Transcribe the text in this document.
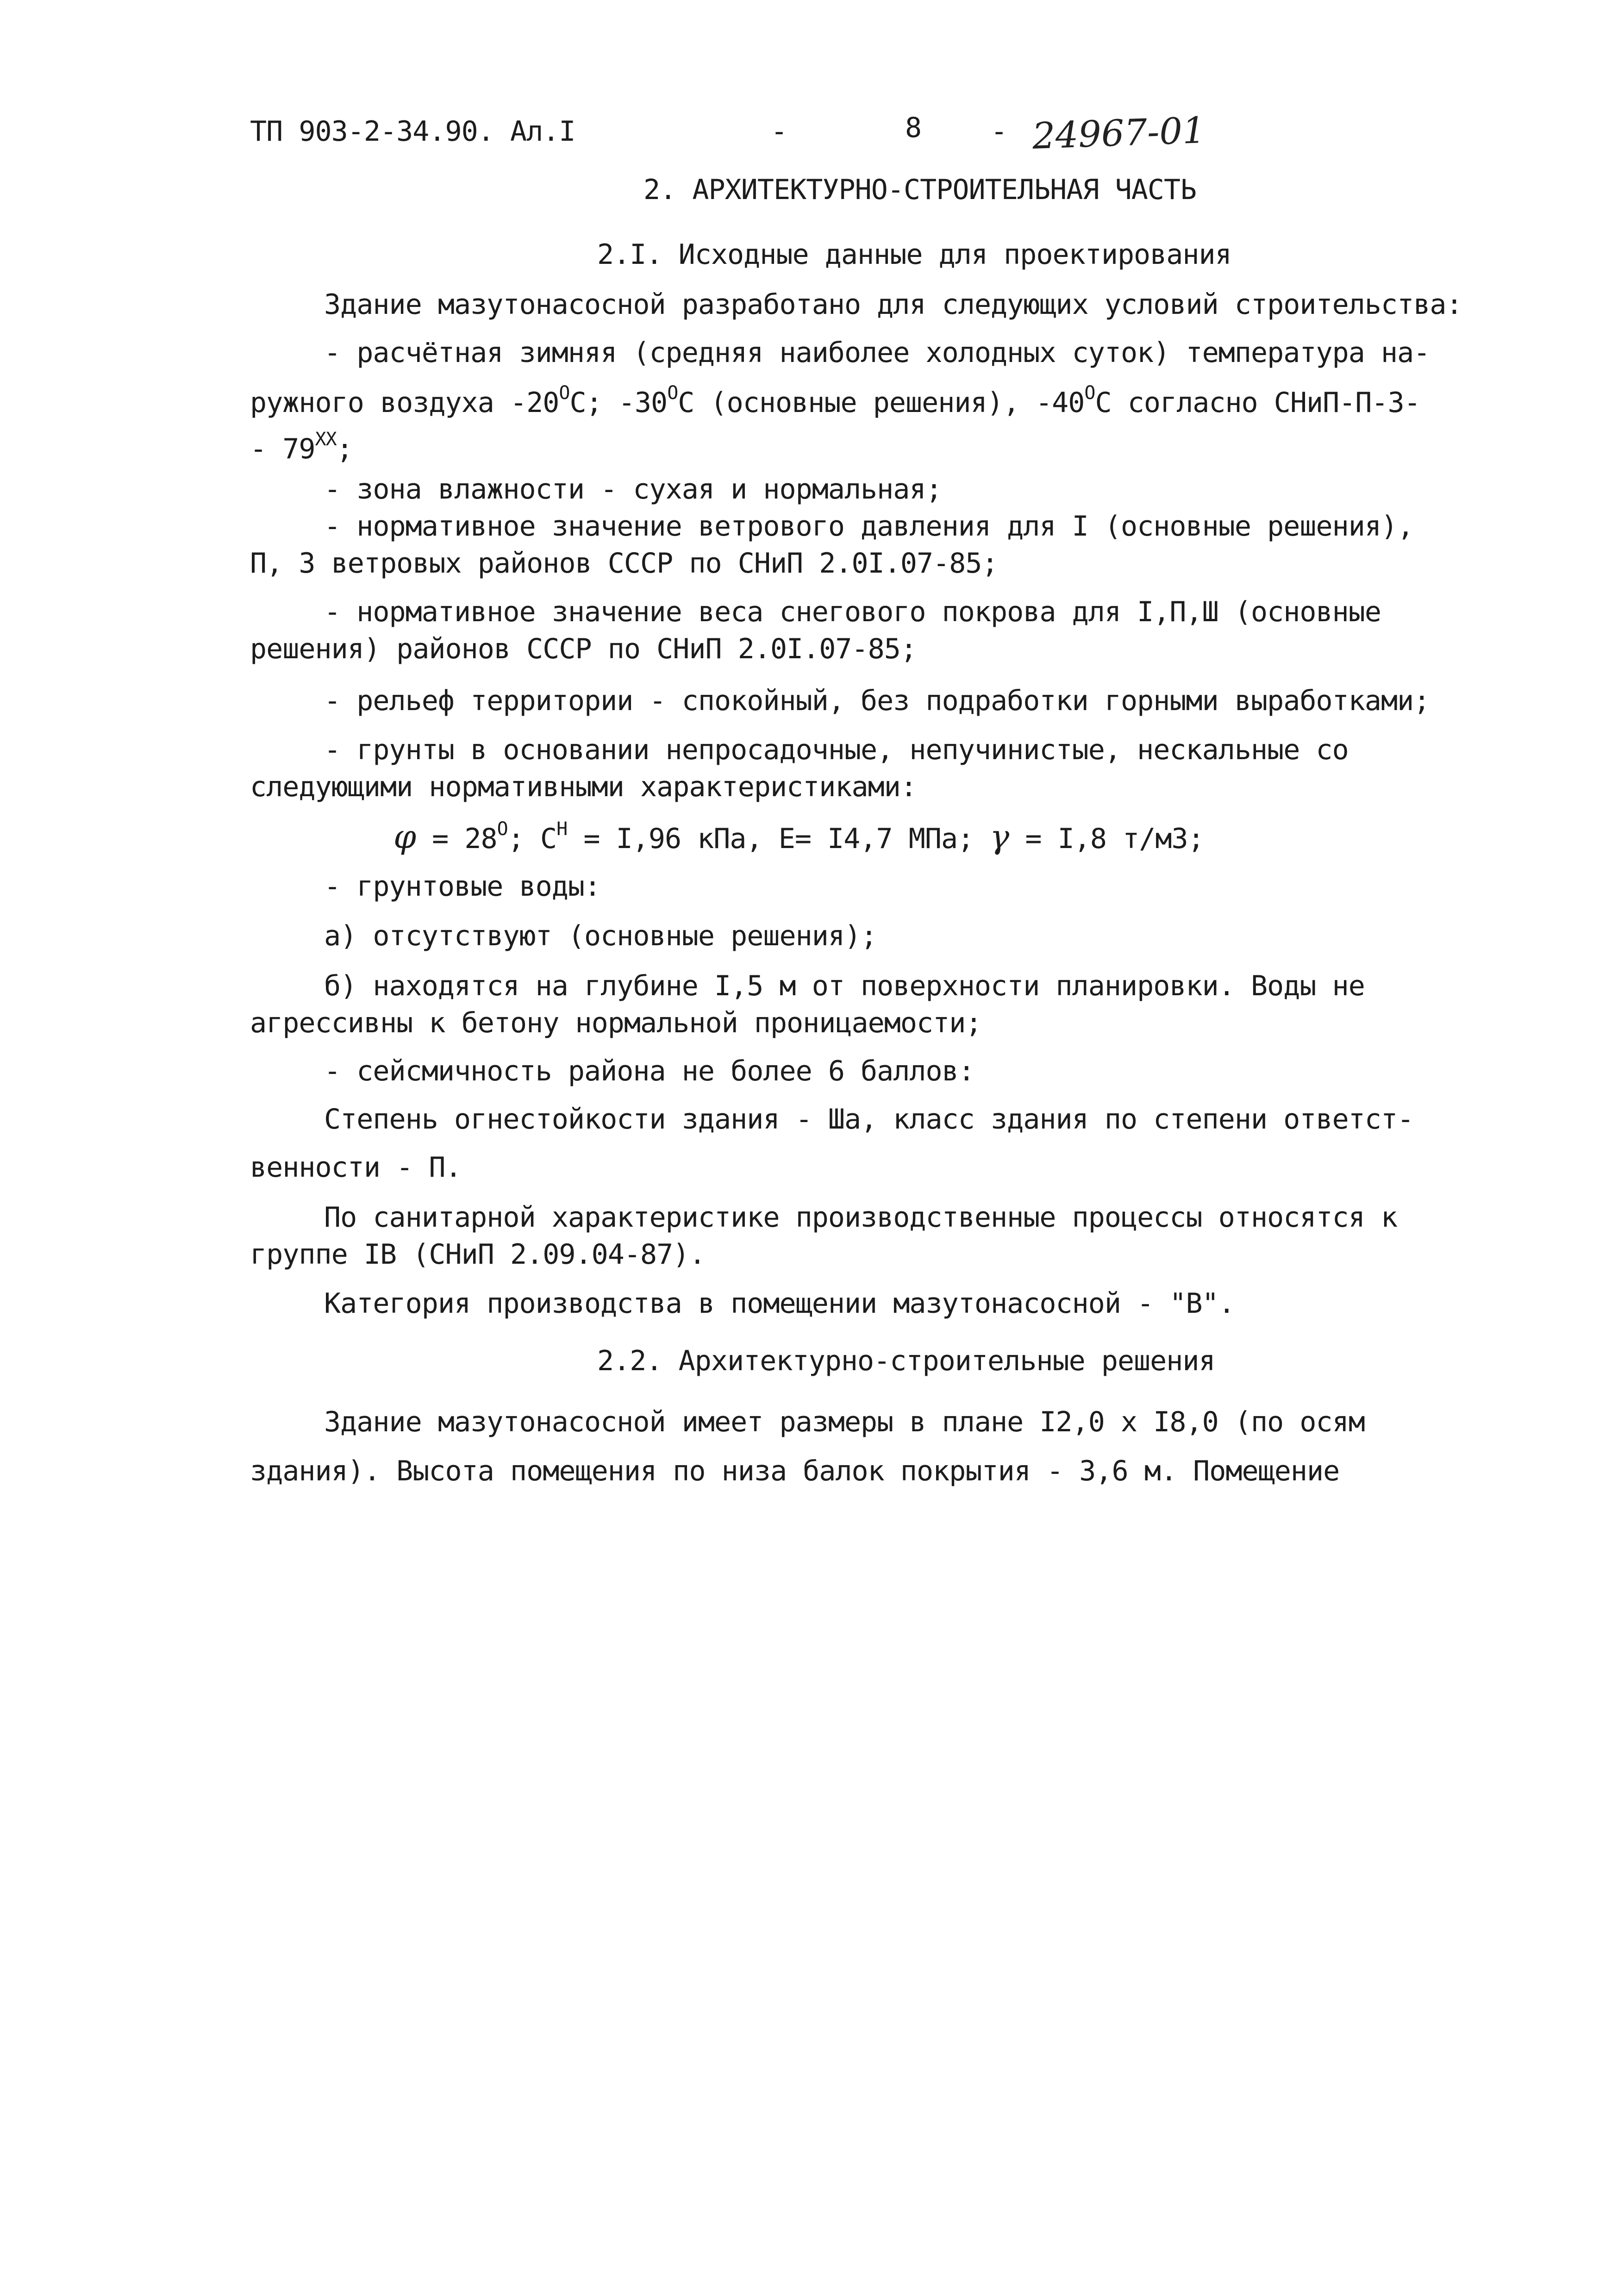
ТП 903-2-34.90. Ал.I	-	8 - 24967-01
2. АРХИТЕКТУРНО-СТРОИТЕЛЬНАЯ ЧАСТЬ
2.I. Исходные данные для проектирования
Здание мазутонасосной разработано для следующих условий строительства:
- расчётная зимняя (средняя наиболее холодных суток) температура на-
ружного воздуха $-20^OС$; $-30^OС$ (основные решения), $-40^OС$ согласно СНиП-П-3-
- $79^{XX}$;
- зона влажности - сухая и нормальная;
- нормативное значение ветрового давления для I (основные решения),
П, 3 ветровых районов СССР по СНиП 2.0I.07-85;
- нормативное значение веса снегового покрова для I,П,Ш (основные
решения) районов СССР по СНиП 2.0I.07-85;
- рельеф территории - спокойный, без подработки горными выработками;
- грунты в основании непросадочные, непучинистые, нескальные со
следующими нормативными характеристиками:
$\varphi = 28^O$; $С^Н = I,96$ кПа, Е= I4,7 МПа; γ = I,8 т/м3;
- грунтовые воды:
а) отсутствуют (основные решения);
б) находятся на глубине I,5 м от поверхности планировки. Воды не
агрессивны к бетону нормальной проницаемости;
- сейсмичность района не более 6 баллов:
Степень огнестойкости здания - Ша, класс здания по степени ответст-
венности - П.
По санитарной характеристике производственные процессы относятся к
группе IВ (СНиП 2.09.04-87).
Категория производства в помещении мазутонасосной - "В".
2.2. Архитектурно-строительные решения
Здание мазутонасосной имеет размеры в плане I2,0 х I8,0 (по осям
здания). Высота помещения по низа балок покрытия - 3,6 м. Помещение
